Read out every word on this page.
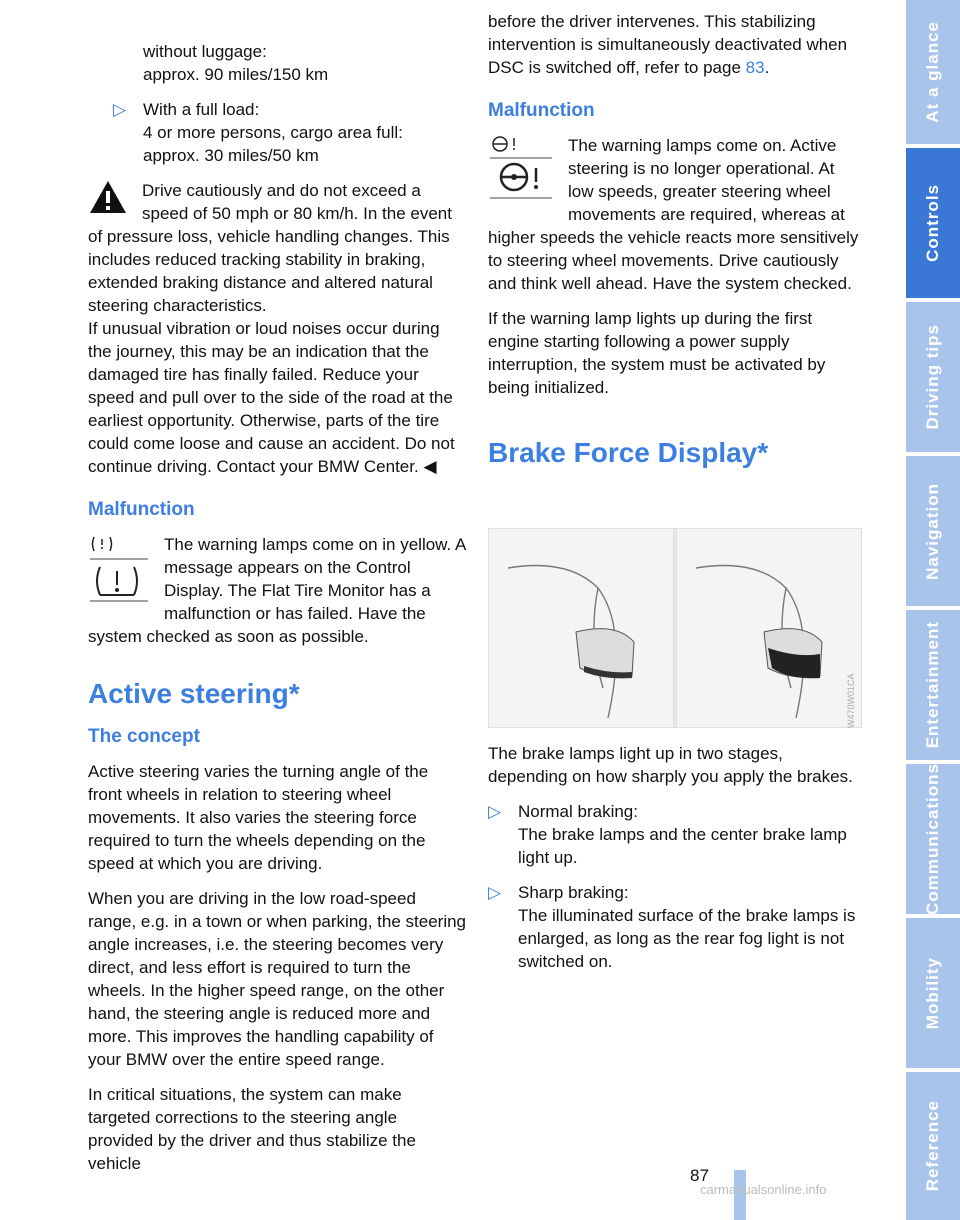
without luggage:
approx. 90 miles/150 km

▷ With a full load:
4 or more persons, cargo area full:
approx. 30 miles/50 km

Drive cautiously and do not exceed a speed of 50 mph or 80 km/h. In the event of pressure loss, vehicle handling changes. This includes reduced tracking stability in braking, extended braking distance and altered natural steering characteristics.
If unusual vibration or loud noises occur during the journey, this may be an indication that the damaged tire has finally failed. Reduce your speed and pull over to the side of the road at the earliest opportunity. Otherwise, parts of the tire could come loose and cause an accident. Do not continue driving. Contact your BMW Center. ◀

Malfunction

The warning lamps come on in yellow. A message appears on the Control Display. The Flat Tire Monitor has a malfunction or has failed. Have the system checked as soon as possible.

Active steering*
The concept

Active steering varies the turning angle of the front wheels in relation to steering wheel movements. It also varies the steering force required to turn the wheels depending on the speed at which you are driving.

When you are driving in the low road-speed range, e.g. in a town or when parking, the steering angle increases, i.e. the steering becomes very direct, and less effort is required to turn the wheels. In the higher speed range, on the other hand, the steering angle is reduced more and more. This improves the handling capability of your BMW over the entire speed range.

In critical situations, the system can make targeted corrections to the steering angle provided by the driver and thus stabilize the vehicle

before the driver intervenes. This stabilizing intervention is simultaneously deactivated when DSC is switched off, refer to page 83.

Malfunction

The warning lamps come on. Active steering is no longer operational. At low speeds, greater steering wheel movements are required, whereas at higher speeds the vehicle reacts more sensitively to steering wheel movements. Drive cautiously and think well ahead. Have the system checked.

If the warning lamp lights up during the first engine starting following a power supply interruption, the system must be activated by being initialized.

Brake Force Display*
W470W01CA

The brake lamps light up in two stages, depending on how sharply you apply the brakes.

▷ Normal braking:
The brake lamps and the center brake lamp light up.
▷ Sharp braking:
The illuminated surface of the brake lamps is enlarged, as long as the rear fog light is not switched on.
At a glance
Controls
Driving tips
Navigation
Entertainment
Communications
Mobility
Reference
87
carmanualsonline.info
